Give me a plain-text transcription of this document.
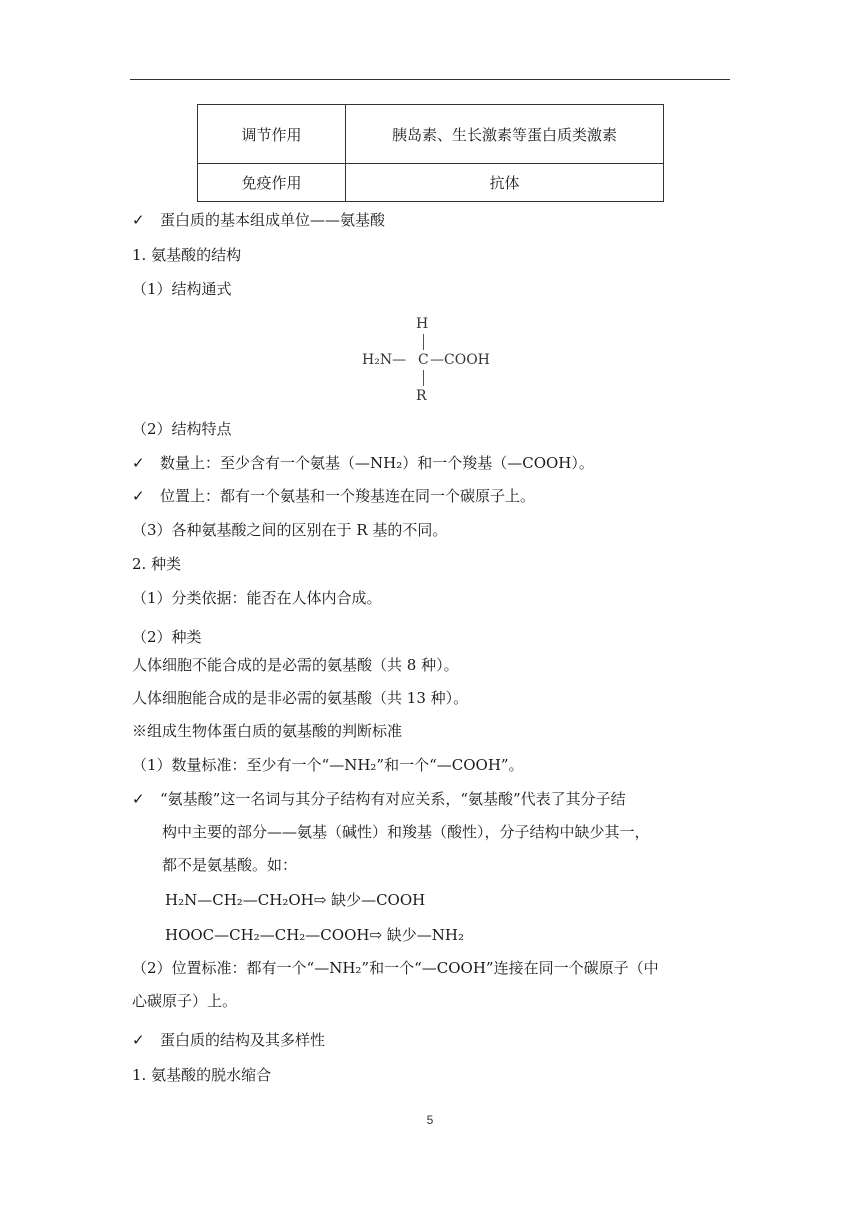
调节作用	胰岛素、生长激素等蛋白质类激素
免疫作用	抗体
✓ 蛋白质的基本组成单位——氨基酸
1. 氨基酸的结构
（1）结构通式
H
H₂N— C —COOH
R
（2）结构特点
✓ 数量上：至少含有一个氨基（—NH₂）和一个羧基（—COOH）。
✓ 位置上：都有一个氨基和一个羧基连在同一个碳原子上。
（3）各种氨基酸之间的区别在于 R 基的不同。
2. 种类
（1）分类依据：能否在人体内合成。
（2）种类
人体细胞不能合成的是必需的氨基酸（共 8 种）。
人体细胞能合成的是非必需的氨基酸（共 13 种）。
※组成生物体蛋白质的氨基酸的判断标准
（1）数量标准：至少有一个“—NH₂”和一个“—COOH”。
✓ “氨基酸”这一名词与其分子结构有对应关系，“氨基酸”代表了其分子结
构中主要的部分——氨基（碱性）和羧基（酸性），分子结构中缺少其一，
都不是氨基酸。如：
H₂N—CH₂—CH₂OH⇨ 缺少—COOH
HOOC—CH₂—CH₂—COOH⇨ 缺少—NH₂
（2）位置标准：都有一个“—NH₂”和一个“—COOH”连接在同一个碳原子（中
心碳原子）上。
✓ 蛋白质的结构及其多样性
1. 氨基酸的脱水缩合
5
